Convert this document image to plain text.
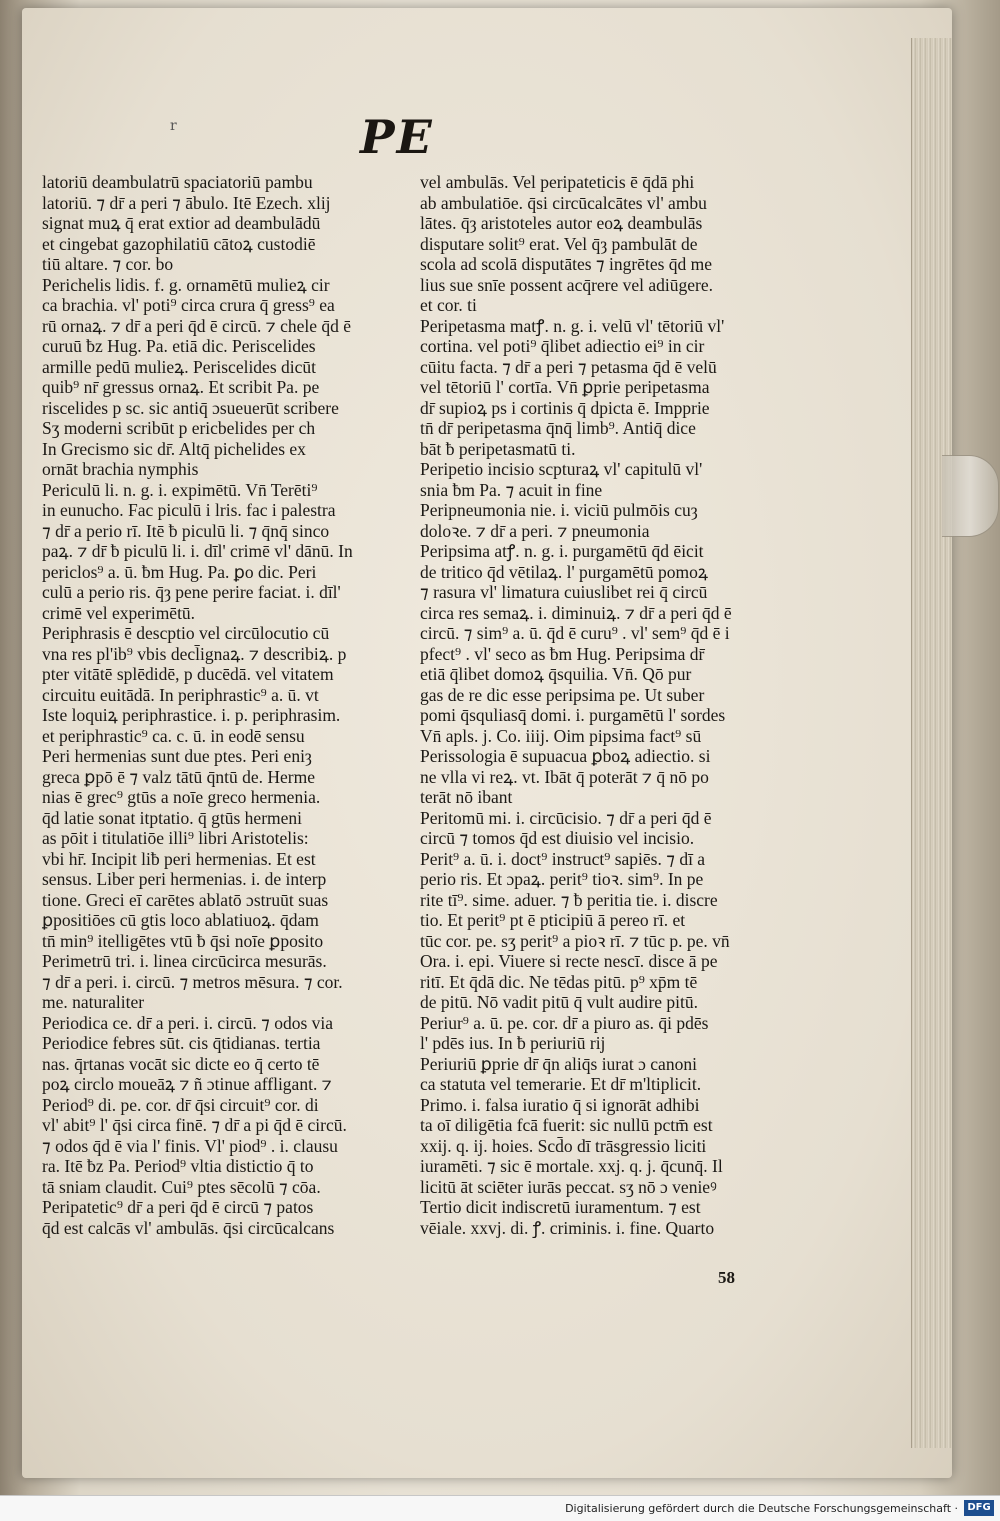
r	PE
latoriū deambulatrū spaciatoriū pambu
latoriū. ⁊ dr̄ a peri ⁊ ābulo. Itē Ezech. xlij
signat muꝝ q̄ erat extior ad deambulādū
et cingebat gazophilatiū cātoꝝ custodiē
tiū altare. ⁊ cor. bo
Perichelis lidis. f. g. ornamētū mulieꝝ cir
ca brachia. vl' poti⁹ circa crura q̄ gress⁹ ea
rū ornaꝝ. ⁊ dr̄ a peri q̄d ē circū. ⁊ chele q̄d ē
curuū ƀz Hug. Pa. etiā dic. Periscelides
armille pedū mulieꝝ. Periscelides dicūt
quib⁹ nr̄ gressus ornaꝝ. Et scribit Pa. pe
riscelides p sc. sic antiq̄ ɔsueuerūt scribere
Sʒ moderni scribūt p ericbelides per ch
In Grecismo sic dr̄. Altq̄ pichelides ex
ornāt brachia nymphis
Periculū li. n. g. i. expimētū. Vn̄ Terēti⁹
in eunucho. Fac piculū i lris. fac i palestra
⁊ dr̄ a perio rī. Itē ƀ piculū li. ⁊ q̄nq̄ sinco
paꝝ. ⁊ dr̄ ƀ piculū li. i. dīl' crimē vl' dānū. In
periclos⁹ a. ū. ƀm Hug. Pa. ꝑo dic. Peri
culū a perio ris. q̄ȝ pene perire faciat. i. dīl'
crimē vel experimētū.
Periphrasis ē descptio vel circūlocutio cū
vna res pl'ib⁹ vbis decl̄ignaꝝ. ⁊ describiꝝ. p
pter vitātē splēdidē, p ducēdā. vel vitatem
circuitu euitādā. In periphrastic⁹ a. ū. vt
Iste loquiꝝ periphrastice. i. p. periphrasim.
et periphrastic⁹ ca. c. ū. in eodē sensu
Peri hermenias sunt due ptes. Peri eniȝ
greca ꝑpō ē ⁊ valz tātū q̄ntū de. Herme
nias ē grec⁹ gtūs a noīe greco hermenia.
q̄d latie sonat itptatio. q̄ gtūs hermeni
as pōit i titulatiōe illi⁹ libri Aristotelis:
vbi hr̄. Incipit liƀ peri hermenias. Et est
sensus. Liber peri hermenias. i. de interp
tione. Greci eī carētes ablatō ɔstruūt suas
ꝑpositiōes cū gtis loco ablatiuoꝝ. q̄dam
tn̄ min⁹ itelligētes vtū ƀ q̄si noīe ꝑposito
Perimetrū tri. i. linea circūcirca mesurās.
⁊ dr̄ a peri. i. circū. ⁊ metros mēsura. ⁊ cor.
me. naturaliter
Periodica ce. dr̄ a peri. i. circū. ⁊ odos via
Periodice febres sūt. cis q̄tidianas. tertia
nas. q̄rtanas vocāt sic dicte eo q̄ certo tē
poꝝ circlo moueāꝝ ⁊ ñ ɔtinue affligant. ⁊
Period⁹ di. pe. cor. dr̄ q̄si circuit⁹ cor. di
vl' abit⁹ l' q̄si circa finē. ⁊ dr̄ a pi q̄d ē circū.
⁊ odos q̄d ē via l' finis. Vl' piod⁹ . i. clausu
ra. Itē ƀz Pa. Period⁹ vltia distictio q̄ to
tā sniam claudit. Cui⁹ ptes sēcolū ⁊ cōa.
Peripatetic⁹ dr̄ a peri q̄d ē circū ⁊ patos
q̄d est calcās vl' ambulās. q̄si circūcalcans
vel ambulās. Vel peripateticis ē q̄dā phi
ab ambulatiōe. q̄si circūcalcātes vl' ambu
lātes. q̄ȝ aristoteles autor eoꝝ deambulās
disputare solit⁹ erat. Vel q̄ȝ pambulāt de
scola ad scolā disputātes ⁊ ingrētes q̄d me
lius sue snīe possent acq̄rere vel adiūgere.
et cor. ti
Peripetasma matꝭ. n. g. i. velū vl' tētoriū vl'
cortina. vel poti⁹ q̄libet adiectio ei⁹ in cir
cūitu facta. ⁊ dr̄ a peri ⁊ petasma q̄d ē velū
vel tētoriū l' cortīa. Vn̄ ꝑprie peripetasma
dr̄ supioꝝ ps i cortinis q̄ dpicta ē. Impprie
tn̄ dr̄ peripetasma q̄nq̄ limb⁹. Antiq̄ dice
bāt ƀ peripetasmatū ti.
Peripetio incisio scpturaꝝ vl' capitulū vl'
snia ƀm Pa. ⁊ acuit in fine
Peripneumonia nie. i. viciū pulmōis cuȝ
doloꝛe. ⁊ dr̄ a peri. ⁊ pneumonia
Peripsima atꝭ. n. g. i. purgamētū q̄d ēicit
de tritico q̄d vētilaꝝ. l' purgamētū pomoꝝ
⁊ rasura vl' limatura cuiuslibet rei q̄ circū
circa res semaꝝ. i. diminuiꝝ. ⁊ dr̄ a peri q̄d ē
circū. ⁊ sim⁹ a. ū. q̄d ē curu⁹ . vl' sem⁹ q̄d ē i
pfect⁹ . vl' seco as ƀm Hug. Peripsima dr̄
etiā q̄libet domoꝝ q̄squilia. Vn̄. Qō pur
gas de re dic esse peripsima pe. Ut suber
pomi q̄squliasq̄ domi. i. purgamētū l' sordes
Vn̄ apls. j. Co. iiij. Oim pipsima fact⁹ sū
Perissologia ē supuacua ꝑboꝝ adiectio. si
ne vlla vi reꝝ. vt. Ibāt q̄ poterāt ⁊ q̄ nō po
terāt nō ibant
Peritomū mi. i. circūcisio. ⁊ dr̄ a peri q̄d ē
circū ⁊ tomos q̄d est diuisio vel incisio.
Perit⁹ a. ū. i. doct⁹ instruct⁹ sapiēs. ⁊ dī a
perio ris. Et ɔpaꝝ. perit⁹ tioꝛ. sim⁹. In pe
rite tī⁹. sime. aduer. ⁊ ƀ peritia tie. i. discre
tio. Et perit⁹ pt ē pticipiū ā pereo rī. et
tūc cor. pe. sʒ perit⁹ a pioꝛ rī. ⁊ tūc p. pe. vn̄
Ora. i. epi. Viuere si recte nescī. disce ā pe
ritī. Et q̄dā dic. Ne tēdas pitū. p⁹ xp̄m tē
de pitū. Nō vadit pitū q̄ vult audire pitū.
Periur⁹ a. ū. pe. cor. dr̄ a piuro as. q̄i pdēs
l' pdēs ius. In ƀ periuriū rij
Periuriū ꝑprie dr̄ q̄n aliq̄s iurat ɔ canoni
ca statuta vel temerarie. Et dr̄ m'ltiplicit.
Primo. i. falsa iuratio q̄ si ignorāt adhibi
ta oī diligētia fcā fuerit: sic nullū pctm̄ est
xxij. q. ij. hoies. Scd̄o dī trāsgressio liciti
iuramēti. ⁊ sic ē mortale. xxj. q. j. q̄cunq̄. Il
licitū āt sciēter iurās peccat. sʒ nō ɔ venieꝰ
Tertio dicit indiscretū iuramentum. ⁊ est
vēiale. xxvj. di. ꝭ. criminis. i. fine. Quarto
58
Digitalisierung gefördert durch die Deutsche Forschungsgemeinschaft · DFG
